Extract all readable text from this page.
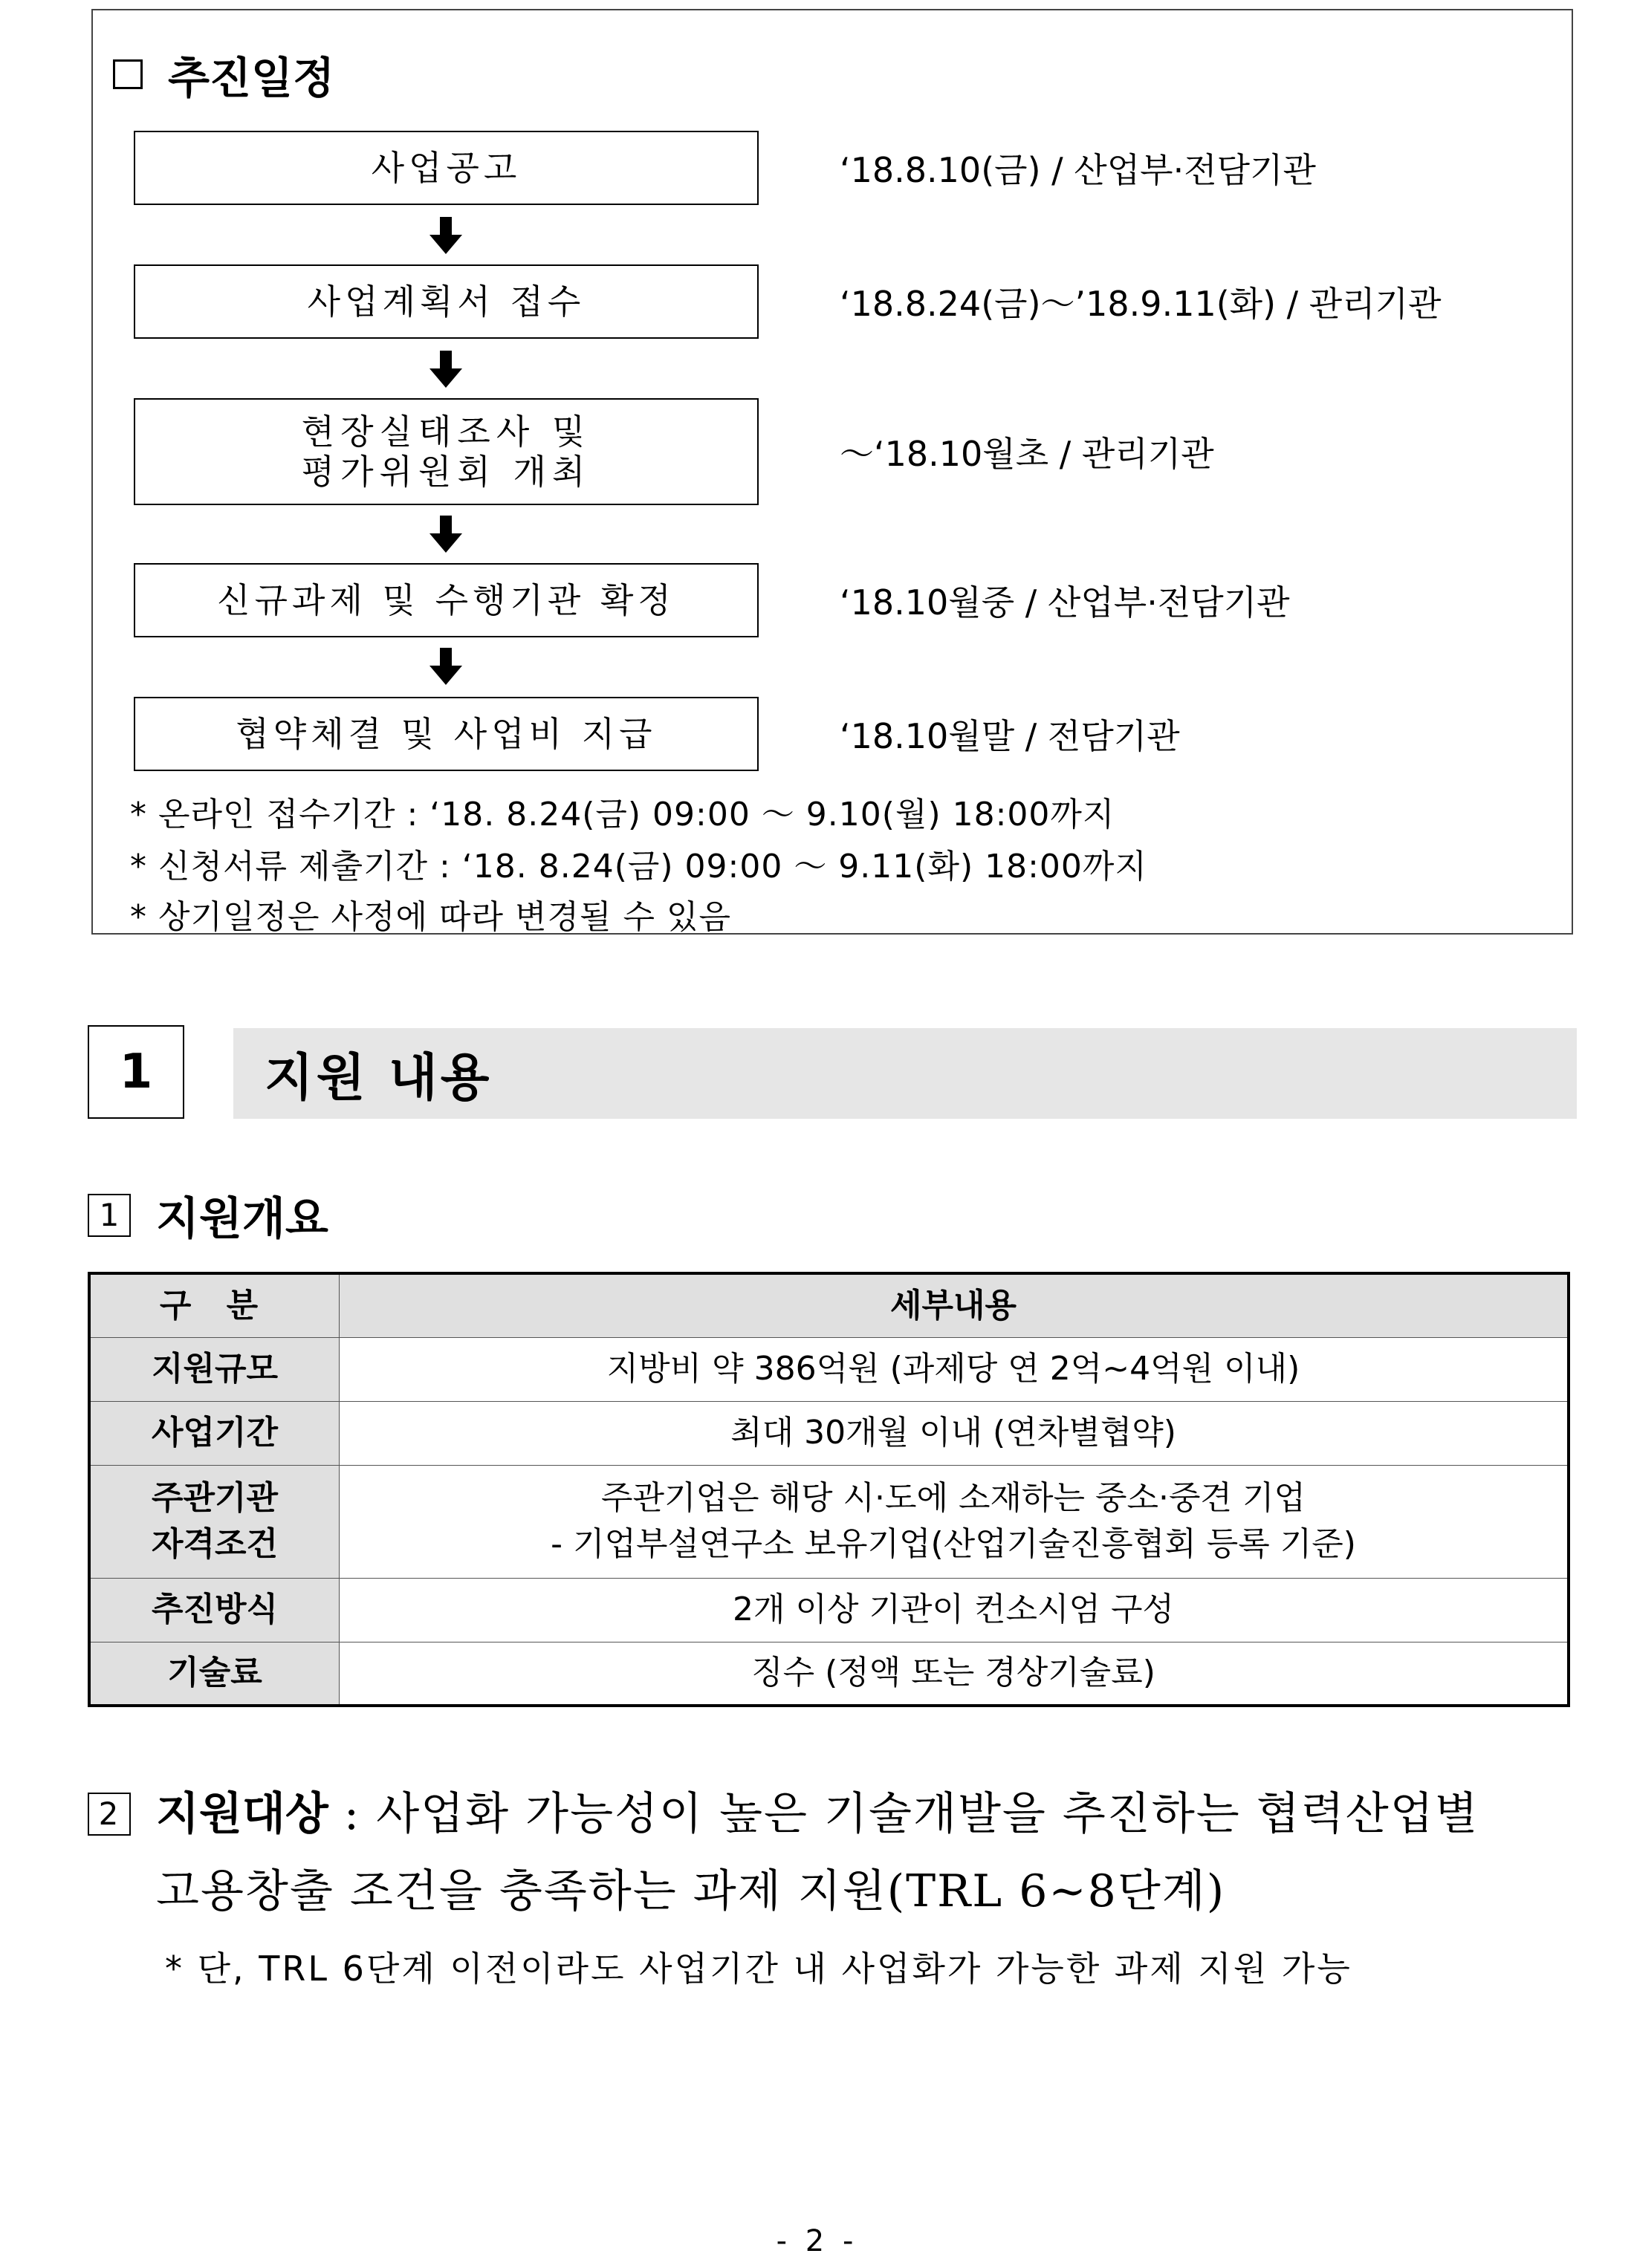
추진일정
사업공고	‘18.8.10(금) / 산업부·전담기관
사업계획서 접수	‘18.8.24(금)～’18.9.11(화) / 관리기관
현장실태조사 및
평가위원회 개최	～‘18.10월초 / 관리기관
신규과제 및 수행기관 확정	‘18.10월중 / 산업부·전담기관
협약체결 및 사업비 지급	‘18.10월말 / 전담기관
* 온라인 접수기간 : ‘18. 8.24(금) 09:00 ～ 9.10(월) 18:00까지
* 신청서류 제출기간 : ‘18. 8.24(금) 09:00 ～ 9.11(화) 18:00까지
* 상기일정은 사정에 따라 변경될 수 있음
1	지원 내용
1 지원개요
구 분	세부내용
지원규모	지방비 약 386억원 (과제당 연 2억~4억원 이내)
사업기간	최대 30개월 이내 (연차별협약)
주관기관
자격조건	주관기업은 해당 시·도에 소재하는 중소·중견 기업
- 기업부설연구소 보유기업(산업기술진흥협회 등록 기준)
추진방식	2개 이상 기관이 컨소시엄 구성
기술료	징수 (정액 또는 경상기술료)
2 지원대상 : 사업화 가능성이 높은 기술개발을 추진하는 협력산업별
고용창출 조건을 충족하는 과제 지원(TRL 6~8단계)
* 단, TRL 6단계 이전이라도 사업기간 내 사업화가 가능한 과제 지원 가능
- 2 -
